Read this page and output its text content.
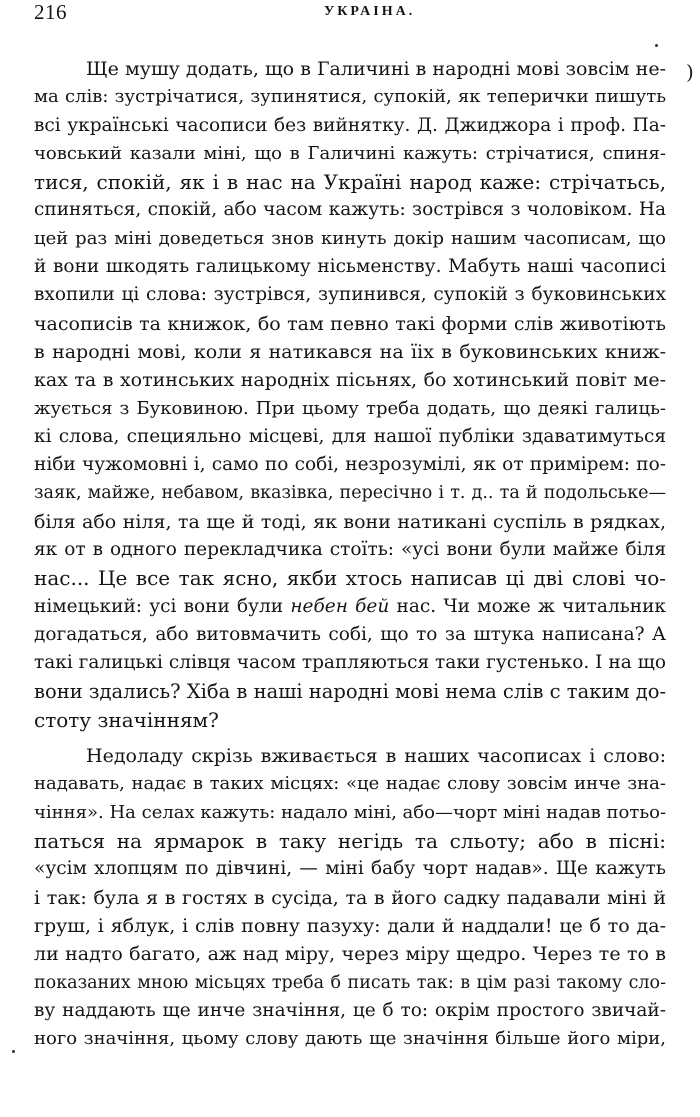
216	УКРАІНА.
)
Ще мушу додать, що в Галичині в народні мові зовсім не-
ма слів: зустрічатися, зупинятися, супокій, як теперички пишуть
всі українські часописи без вийнятку. Д. Джиджора і проф. Па-
човський казали міні, що в Галичині кажуть: стрічатися, спиня-
тися, спокій, як і в нас на Україні народ каже: стрічатьсь,
спиняться, спокій, або часом кажуть: зострівся з чоловіком. На
цей раз міні доведеться знов кинуть докір нашим часописам, що
й вони шкодять галицькому нісьменству. Мабуть наші часописі
вхопили ці слова: зустрівся, зупинився, супокій з буковинських
часописів та книжок, бо там певно такі форми слів животіють
в народні мові, коли я натикався на їіх в буковинських книж-
ках та в хотинських народніх пісьнях, бо хотинський повіт ме-
жується з Буковиною. При цьому треба додать, що деякі галиць-
кі слова, специяльно місцеві, для нашої публіки здаватимуться
ніби чужомовні і, само по собі, незрозумілі, як от примірем: по-
заяк, майже, небавом, вказівка, пересічно і т. д.. та й подольське—
біля або ніля, та ще й тоді, як вони натикані суспіль в рядках,
як от в одного перекладчика стоїть: «усі вони були майже біля
нас... Це все так ясно, якби хтось написав ці дві слові чо-
німецький: усі вони були небен бей нас. Чи може ж читальник
догадаться, або витовмачить собі, що то за штука написана? А
такі галицькі слівця часом трапляються таки густенько. І на що
вони здались? Хіба в наші народні мові нема слів с таким до-
стоту значінням?
Недоладу скрізь вживається в наших часописах і слово:
надавать, надає в таких місцях: «це надає слову зовсім инче зна-
чіння». На селах кажуть: надало міні, або—чорт міні надав потьо-
паться на ярмарок в таку негідь та сльоту; або в пісні:
«усім хлопцям по дівчині, — міні бабу чорт надав». Ще кажуть
і так: була я в гостях в сусіда, та в його садку падавали міні й
груш, і яблук, і слів повну пазуху: дали й наддали! це б то да-
ли надто багато, аж над міру, через міру щедро. Через те то в
показаних мною місьцях треба б писать так: в цім разі такому сло-
ву наддають ще инче значіння, це б то: окрім простого звичай-
ного значіння, цьому слову дають ще значіння більше його міри,
